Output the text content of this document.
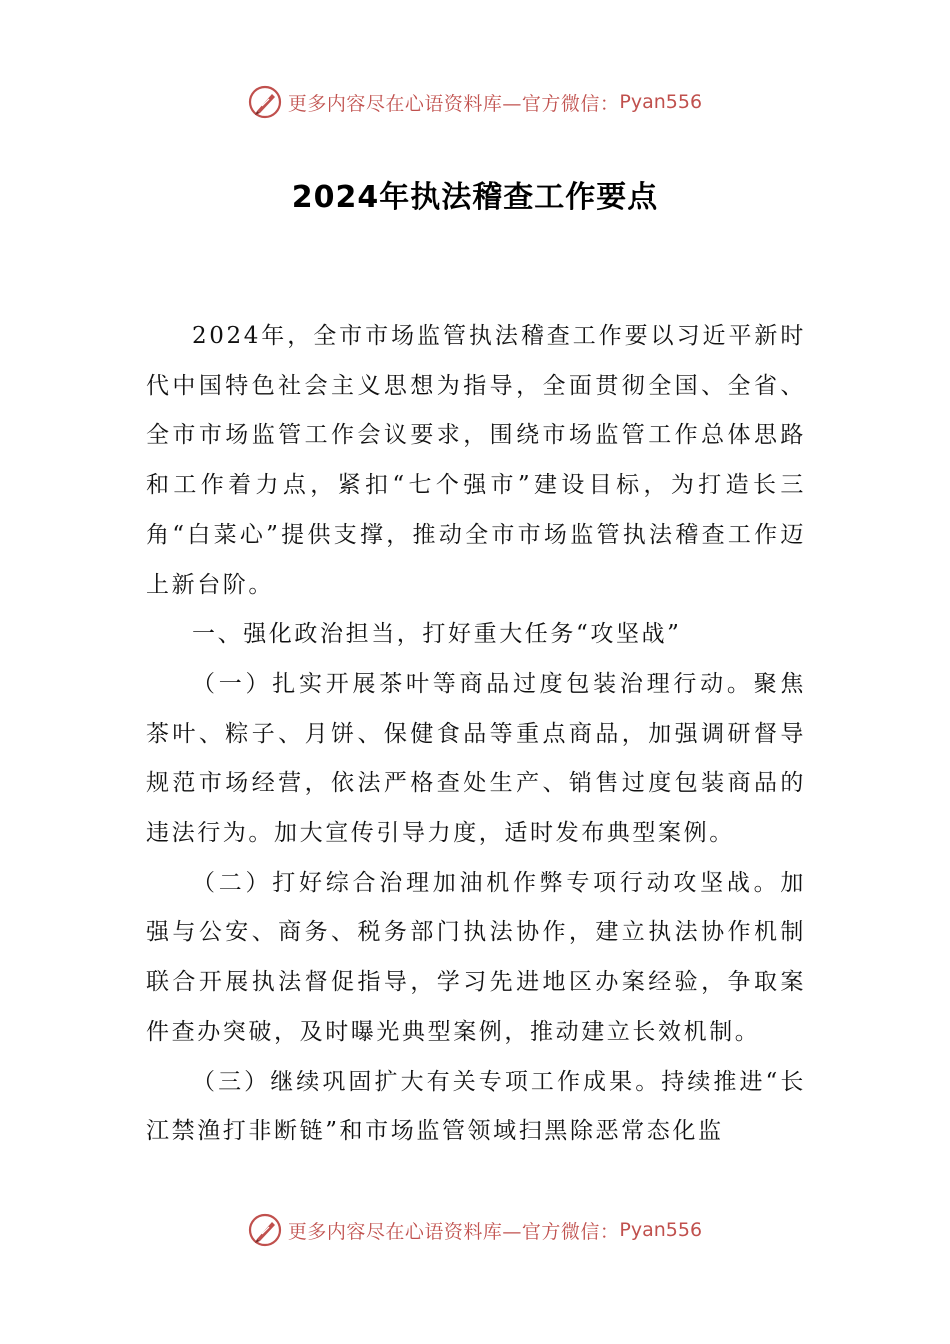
更多内容尽在心语资料库—官方微信： Pyan556
2024年执法稽查工作要点

2024年，全市市场监管执法稽查工作要以习近平新时代中国特色社会主义思想为指导，全面贯彻全国、全省、全市市场监管工作会议要求，围绕市场监管工作总体思路和工作着力点，紧扣“七个强市”建设目标，为打造长三角“白菜心”提供支撑，推动全市市场监管执法稽查工作迈上新台阶。

一、强化政治担当，打好重大任务“攻坚战”

（一）扎实开展茶叶等商品过度包装治理行动。聚焦茶叶、粽子、月饼、保健食品等重点商品，加强调研督导规范市场经营，依法严格查处生产、销售过度包装商品的违法行为。加大宣传引导力度，适时发布典型案例。

（二）打好综合治理加油机作弊专项行动攻坚战。加强与公安、商务、税务部门执法协作，建立执法协作机制联合开展执法督促指导，学习先进地区办案经验，争取案件查办突破，及时曝光典型案例，推动建立长效机制。

（三）继续巩固扩大有关专项工作成果。持续推进“长江禁渔打非断链”和市场监管领域扫黑除恶常态化监

更多内容尽在心语资料库—官方微信： Pyan556
